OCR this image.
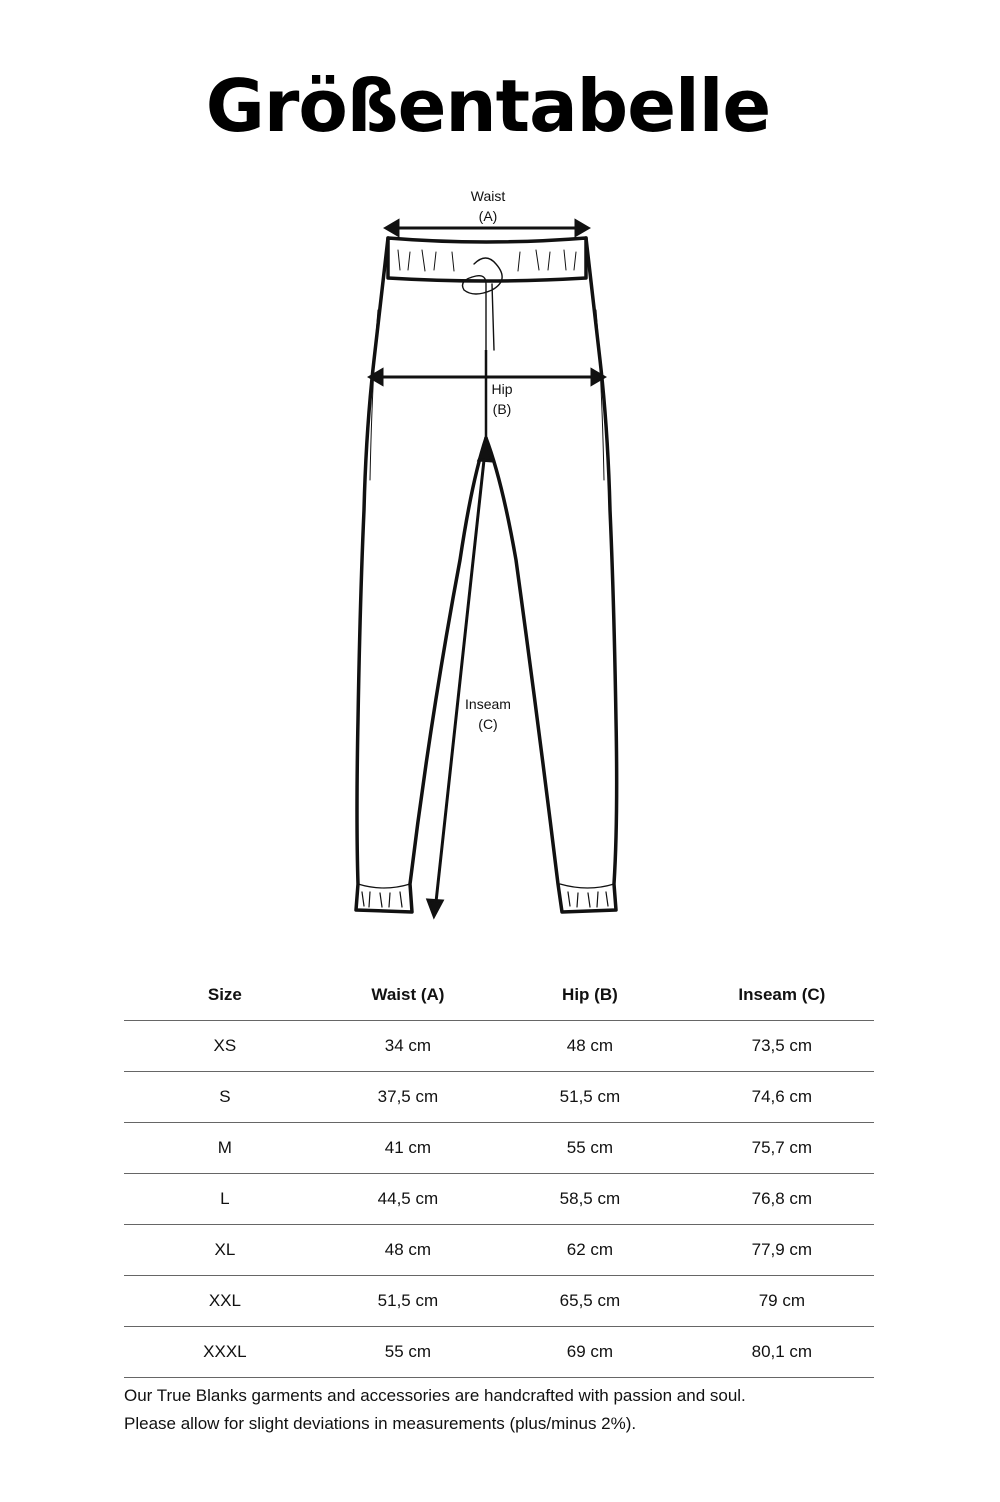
Größentabelle
Waist
(A)
Hip
(B)
Inseam
(C)
Size	Waist (A)	Hip (B)	Inseam (C)
XS	34 cm	48 cm	73,5 cm
S	37,5 cm	51,5 cm	74,6 cm
M	41 cm	55 cm	75,7 cm
L	44,5 cm	58,5 cm	76,8 cm
XL	48 cm	62 cm	77,9 cm
XXL	51,5 cm	65,5 cm	79 cm
XXXL	55 cm	69 cm	80,1 cm
Our True Blanks garments and accessories are handcrafted with passion and soul.
Please allow for slight deviations in measurements (plus/minus 2%).
